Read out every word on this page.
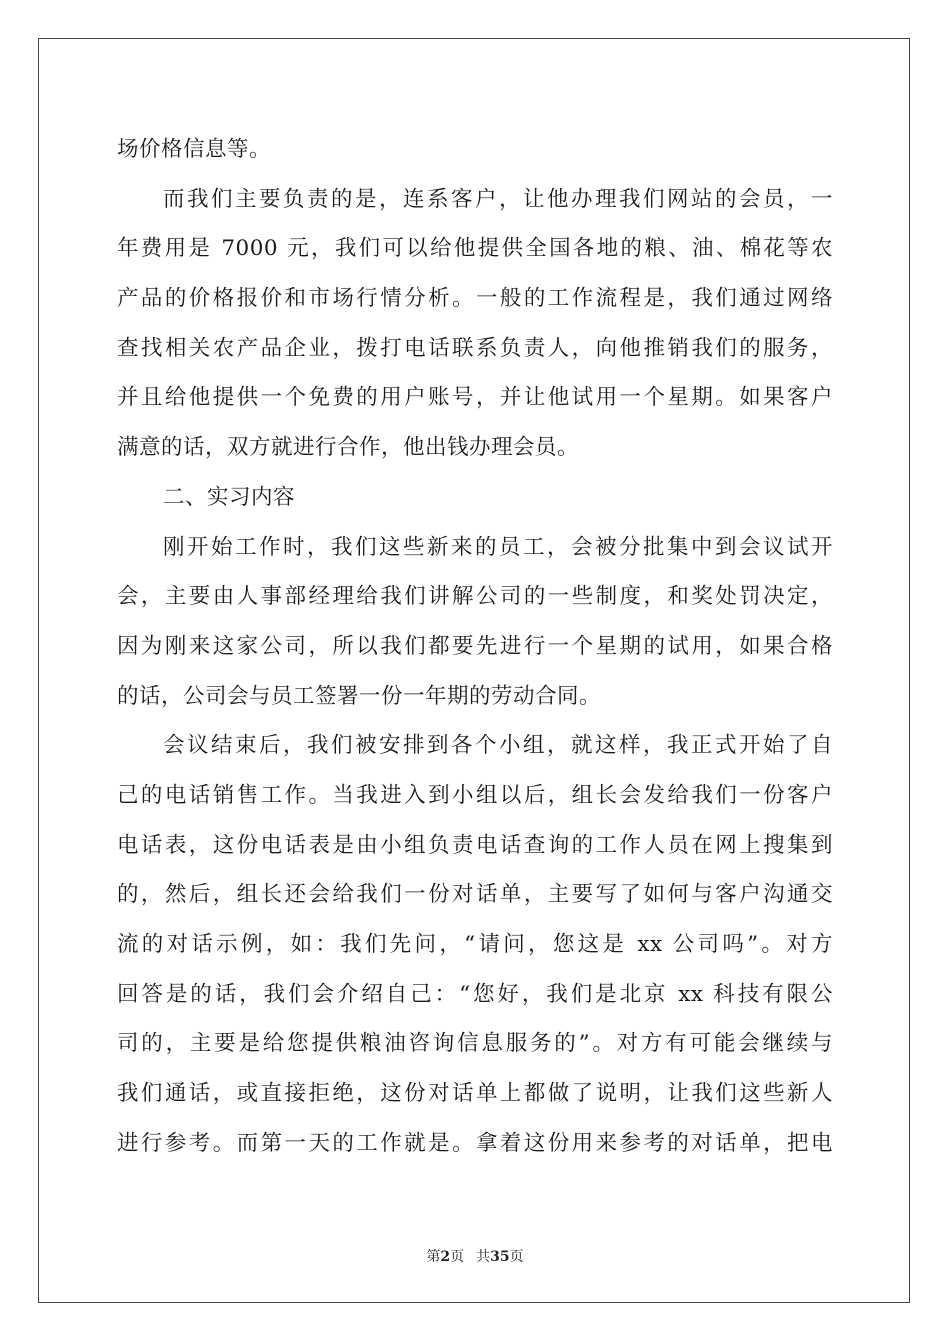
场价格信息等。
而我们主要负责的是，连系客户，让他办理我们网站的会员，一
年费用是 7000 元，我们可以给他提供全国各地的粮、油、棉花等农
产品的价格报价和市场行情分析。一般的工作流程是，我们通过网络
查找相关农产品企业，拨打电话联系负责人，向他推销我们的服务，
并且给他提供一个免费的用户账号，并让他试用一个星期。如果客户
满意的话，双方就进行合作，他出钱办理会员。
二、实习内容
刚开始工作时，我们这些新来的员工，会被分批集中到会议试开
会，主要由人事部经理给我们讲解公司的一些制度，和奖处罚决定，
因为刚来这家公司，所以我们都要先进行一个星期的试用，如果合格
的话，公司会与员工签署一份一年期的劳动合同。
会议结束后，我们被安排到各个小组，就这样，我正式开始了自
己的电话销售工作。当我进入到小组以后，组长会发给我们一份客户
电话表，这份电话表是由小组负责电话查询的工作人员在网上搜集到
的，然后，组长还会给我们一份对话单，主要写了如何与客户沟通交
流的对话示例，如：我们先问，“请问，您这是 xx 公司吗”。对方
回答是的话，我们会介绍自己：“您好，我们是北京 xx 科技有限公
司的，主要是给您提供粮油咨询信息服务的”。对方有可能会继续与
我们通话，或直接拒绝，这份对话单上都做了说明，让我们这些新人
进行参考。而第一天的工作就是。拿着这份用来参考的对话单，把电
第2页 共35页
